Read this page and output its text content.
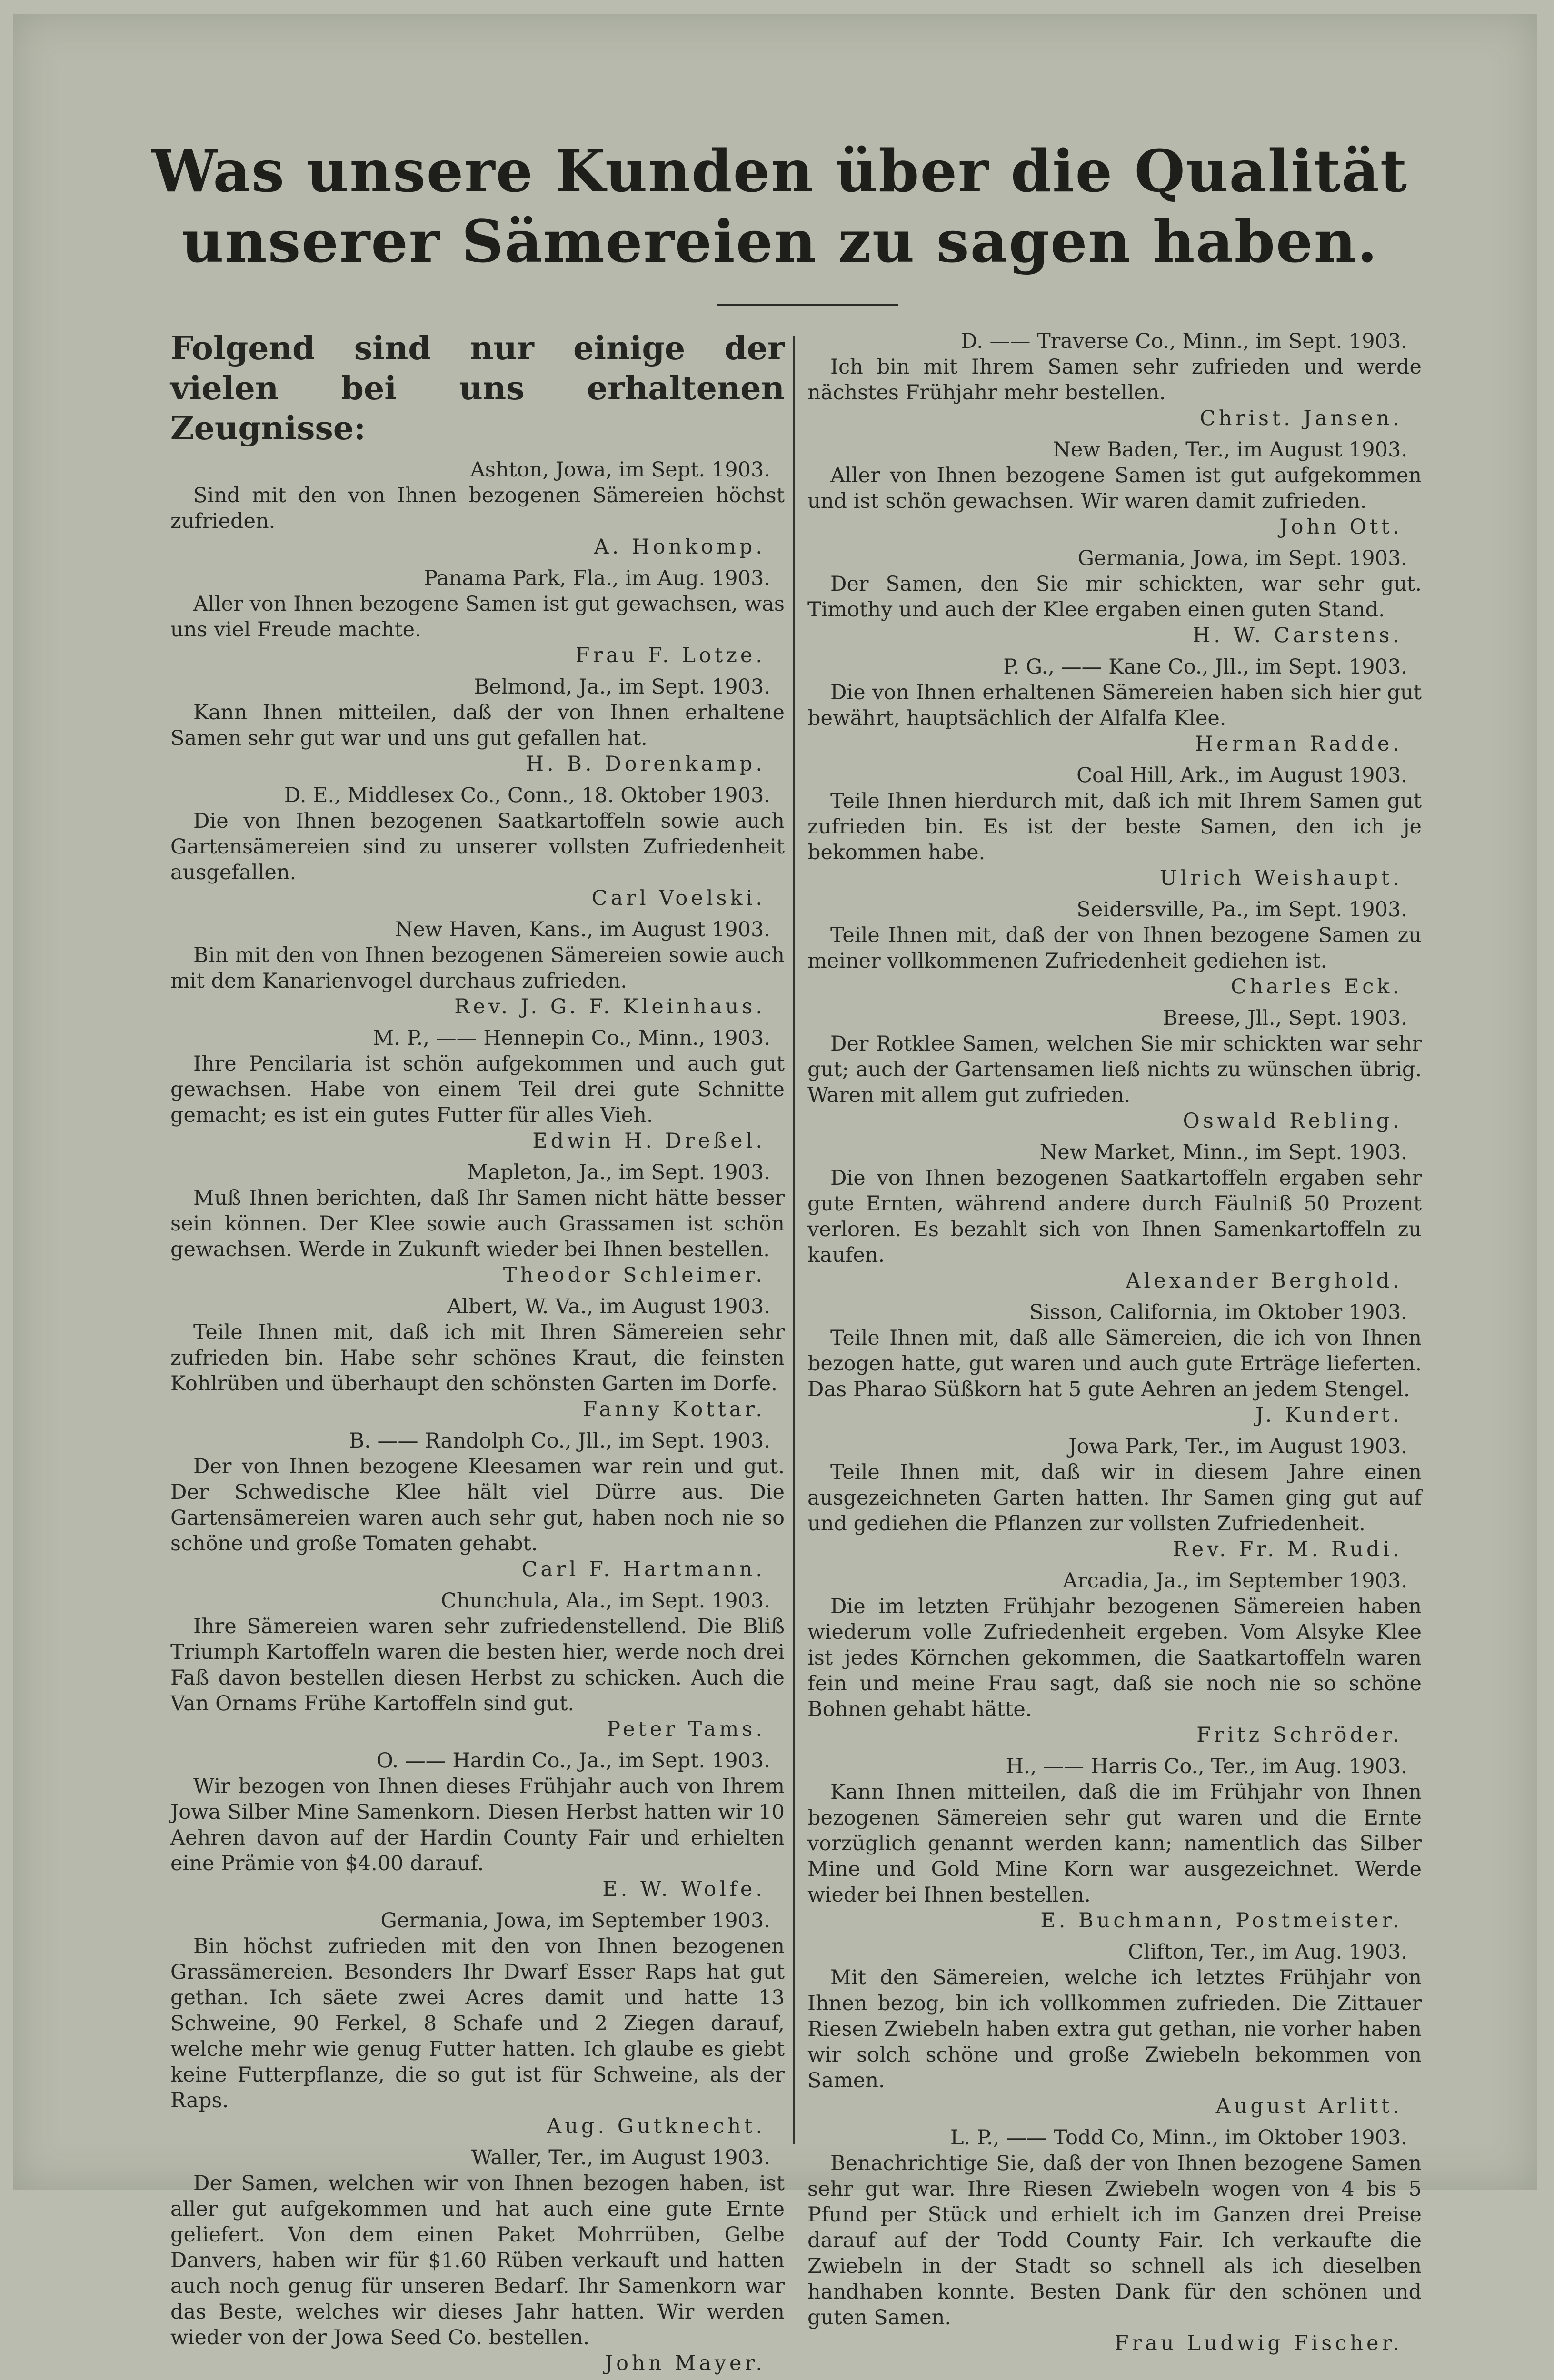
Was unsere Kunden über die Qualität unserer Sämereien zu sagen haben.

Folgend sind nur einige der vielen bei uns erhaltenen Zeugnisse:

Ashton, Jowa, im Sept. 1903.

Sind mit den von Ihnen bezogenen Sämereien höchst zufrieden.

A. Honkomp.

Panama Park, Fla., im Aug. 1903.

Aller von Ihnen bezogene Samen ist gut gewachsen, was uns viel Freude machte.

Frau F. Lotze.

Belmond, Ja., im Sept. 1903.

Kann Ihnen mitteilen, daß der von Ihnen erhaltene Samen sehr gut war und uns gut gefallen hat.

H. B. Dorenkamp.

D. E., Middlesex Co., Conn., 18. Oktober 1903.

Die von Ihnen bezogenen Saatkartoffeln sowie auch Gartensämereien sind zu unserer vollsten Zufriedenheit ausgefallen.

Carl Voelski.

New Haven, Kans., im August 1903.

Bin mit den von Ihnen bezogenen Sämereien sowie auch mit dem Kanarienvogel durchaus zufrieden.

Rev. J. G. F. Kleinhaus.

M. P., —— Hennepin Co., Minn., 1903.

Ihre Pencilaria ist schön aufgekommen und auch gut gewachsen. Habe von einem Teil drei gute Schnitte gemacht; es ist ein gutes Futter für alles Vieh.

Edwin H. Dreßel.

Mapleton, Ja., im Sept. 1903.

Muß Ihnen berichten, daß Ihr Samen nicht hätte besser sein können. Der Klee sowie auch Grassamen ist schön gewachsen. Werde in Zukunft wieder bei Ihnen bestellen.

Theodor Schleimer.

Albert, W. Va., im August 1903.

Teile Ihnen mit, daß ich mit Ihren Sämereien sehr zufrieden bin. Habe sehr schönes Kraut, die feinsten Kohlrüben und überhaupt den schönsten Garten im Dorfe.

Fanny Kottar.

B. —— Randolph Co., Jll., im Sept. 1903.

Der von Ihnen bezogene Kleesamen war rein und gut. Der Schwedische Klee hält viel Dürre aus. Die Gartensämereien waren auch sehr gut, haben noch nie so schöne und große Tomaten gehabt.

Carl F. Hartmann.

Chunchula, Ala., im Sept. 1903.

Ihre Sämereien waren sehr zufriedenstellend. Die Bliß Triumph Kartoffeln waren die besten hier, werde noch drei Faß davon bestellen diesen Herbst zu schicken. Auch die Van Ornams Frühe Kartoffeln sind gut.

Peter Tams.

O. —— Hardin Co., Ja., im Sept. 1903.

Wir bezogen von Ihnen dieses Frühjahr auch von Ihrem Jowa Silber Mine Samenkorn. Diesen Herbst hatten wir 10 Aehren davon auf der Hardin County Fair und erhielten eine Prämie von $4.00 darauf.

E. W. Wolfe.

Germania, Jowa, im September 1903.

Bin höchst zufrieden mit den von Ihnen bezogenen Grassämereien. Besonders Ihr Dwarf Esser Raps hat gut gethan. Ich säete zwei Acres damit und hatte 13 Schweine, 90 Ferkel, 8 Schafe und 2 Ziegen darauf, welche mehr wie genug Futter hatten. Ich glaube es giebt keine Futterpflanze, die so gut ist für Schweine, als der Raps.

Aug. Gutknecht.

Waller, Ter., im August 1903.

Der Samen, welchen wir von Ihnen bezogen haben, ist aller gut aufgekommen und hat auch eine gute Ernte geliefert. Von dem einen Paket Mohrrüben, Gelbe Danvers, haben wir für $1.60 Rüben verkauft und hatten auch noch genug für unseren Bedarf. Ihr Samenkorn war das Beste, welches wir dieses Jahr hatten. Wir werden wieder von der Jowa Seed Co. bestellen.

John Mayer.

D. —— Traverse Co., Minn., im Sept. 1903.

Ich bin mit Ihrem Samen sehr zufrieden und werde nächstes Frühjahr mehr bestellen.

Christ. Jansen.

New Baden, Ter., im August 1903.

Aller von Ihnen bezogene Samen ist gut aufgekommen und ist schön gewachsen. Wir waren damit zufrieden.

John Ott.

Germania, Jowa, im Sept. 1903.

Der Samen, den Sie mir schickten, war sehr gut. Timothy und auch der Klee ergaben einen guten Stand.

H. W. Carstens.

P. G., —— Kane Co., Jll., im Sept. 1903.

Die von Ihnen erhaltenen Sämereien haben sich hier gut bewährt, hauptsächlich der Alfalfa Klee.

Herman Radde.

Coal Hill, Ark., im August 1903.

Teile Ihnen hierdurch mit, daß ich mit Ihrem Samen gut zufrieden bin. Es ist der beste Samen, den ich je bekommen habe.

Ulrich Weishaupt.

Seidersville, Pa., im Sept. 1903.

Teile Ihnen mit, daß der von Ihnen bezogene Samen zu meiner vollkommenen Zufriedenheit gediehen ist.

Charles Eck.

Breese, Jll., Sept. 1903.

Der Rotklee Samen, welchen Sie mir schickten war sehr gut; auch der Gartensamen ließ nichts zu wünschen übrig. Waren mit allem gut zufrieden.

Oswald Rebling.

New Market, Minn., im Sept. 1903.

Die von Ihnen bezogenen Saatkartoffeln ergaben sehr gute Ernten, während andere durch Fäulniß 50 Prozent verloren. Es bezahlt sich von Ihnen Samenkartoffeln zu kaufen.

Alexander Berghold.

Sisson, California, im Oktober 1903.

Teile Ihnen mit, daß alle Sämereien, die ich von Ihnen bezogen hatte, gut waren und auch gute Erträge lieferten. Das Pharao Süßkorn hat 5 gute Aehren an jedem Stengel.

J. Kundert.

Jowa Park, Ter., im August 1903.

Teile Ihnen mit, daß wir in diesem Jahre einen ausgezeichneten Garten hatten. Ihr Samen ging gut auf und gediehen die Pflanzen zur vollsten Zufriedenheit.

Rev. Fr. M. Rudi.

Arcadia, Ja., im September 1903.

Die im letzten Frühjahr bezogenen Sämereien haben wiederum volle Zufriedenheit ergeben. Vom Alsyke Klee ist jedes Körnchen gekommen, die Saatkartoffeln waren fein und meine Frau sagt, daß sie noch nie so schöne Bohnen gehabt hätte.

Fritz Schröder.

H., —— Harris Co., Ter., im Aug. 1903.

Kann Ihnen mitteilen, daß die im Frühjahr von Ihnen bezogenen Sämereien sehr gut waren und die Ernte vorzüglich genannt werden kann; namentlich das Silber Mine und Gold Mine Korn war ausgezeichnet. Werde wieder bei Ihnen bestellen.

E. Buchmann, Postmeister.

Clifton, Ter., im Aug. 1903.

Mit den Sämereien, welche ich letztes Frühjahr von Ihnen bezog, bin ich vollkommen zufrieden. Die Zittauer Riesen Zwiebeln haben extra gut gethan, nie vorher haben wir solch schöne und große Zwiebeln bekommen von Samen.

August Arlitt.

L. P., —— Todd Co, Minn., im Oktober 1903.

Benachrichtige Sie, daß der von Ihnen bezogene Samen sehr gut war. Ihre Riesen Zwiebeln wogen von 4 bis 5 Pfund per Stück und erhielt ich im Ganzen drei Preise darauf auf der Todd County Fair. Ich verkaufte die Zwiebeln in der Stadt so schnell als ich dieselben handhaben konnte. Besten Dank für den schönen und guten Samen.

Frau Ludwig Fischer.
